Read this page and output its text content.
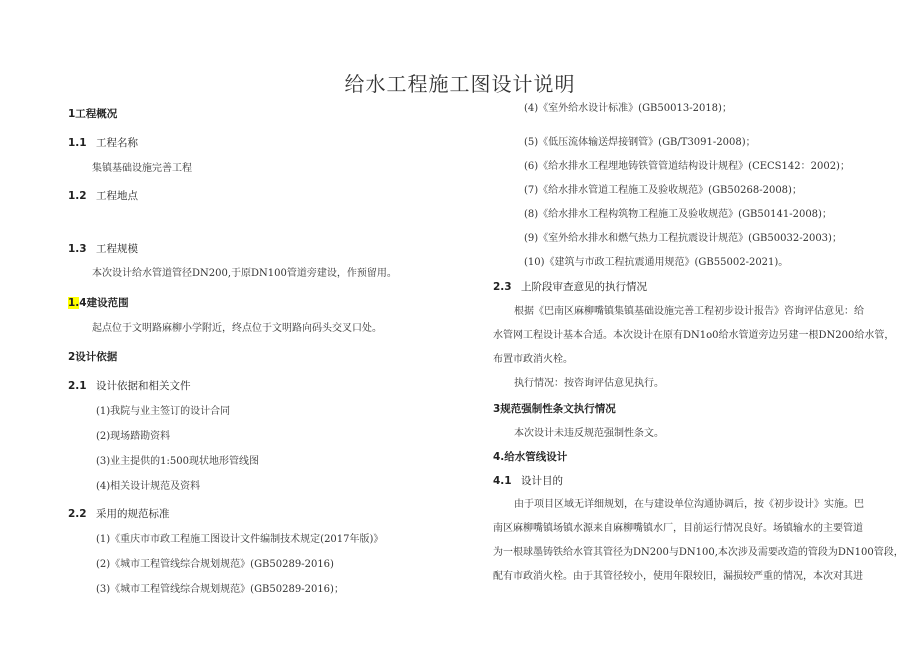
给水工程施工图设计说明
1工程概况
1.1 工程名称
集镇基础设施完善工程
1.2 工程地点
1.3 工程规模
本次设计给水管道管径DN200,于原DN100管道旁建设，作预留用。
1.4建设范围
起点位于文明路麻柳小学附近，终点位于文明路向码头交叉口处。
2设计依据
2.1 设计依据和相关文件
(1)我院与业主签订的设计合同
(2)现场踏勘资料
(3)业主提供的1:500现状地形管线图
(4)相关设计规范及资料
2.2 采用的规范标准
(1)《重庆市市政工程施工图设计文件编制技术规定(2017年版)》
(2)《城市工程管线综合规划规范》(GB50289-2016)
(3)《城市工程管线综合规划规范》(GB50289-2016)；
(4)《室外给水设计标准》(GB50013-2018)；
(5)《低压流体输送焊接钢管》(GB/T3091-2008)；
(6)《给水排水工程埋地铸铁管管道结构设计规程》(CECS142：2002)；
(7)《给水排水管道工程施工及验收规范》(GB50268-2008)；
(8)《给水排水工程构筑物工程施工及验收规范》(GB50141-2008)；
(9)《室外给水排水和燃气热力工程抗震设计规范》(GB50032-2003)；
(10)《建筑与市政工程抗震通用规范》(GB55002-2021)。
2.3 上阶段审查意见的执行情况
根据《巴南区麻柳嘴镇集镇基础设施完善工程初步设计报告》咨询评估意见：给
水管网工程设计基本合适。本次设计在原有DN1o0给水管道旁边另建一根DN200给水管，
布置市政消火栓。
执行情况：按咨询评估意见执行。
3规范强制性条文执行情况
本次设计未违反规范强制性条文。
4.给水管线设计
4.1 设计目的
由于项目区域无详细规划，在与建设单位沟通协调后，按《初步设计》实施。巴
南区麻柳嘴镇场镇水源来自麻柳嘴镇水厂，目前运行情况良好。场镇输水的主要管道
为一根球墨铸铁给水管其管径为DN200与DN100,本次涉及需要改造的管段为DN100管段，
配有市政消火栓。由于其管径较小，使用年限较旧，漏损较严重的情况，本次对其进
